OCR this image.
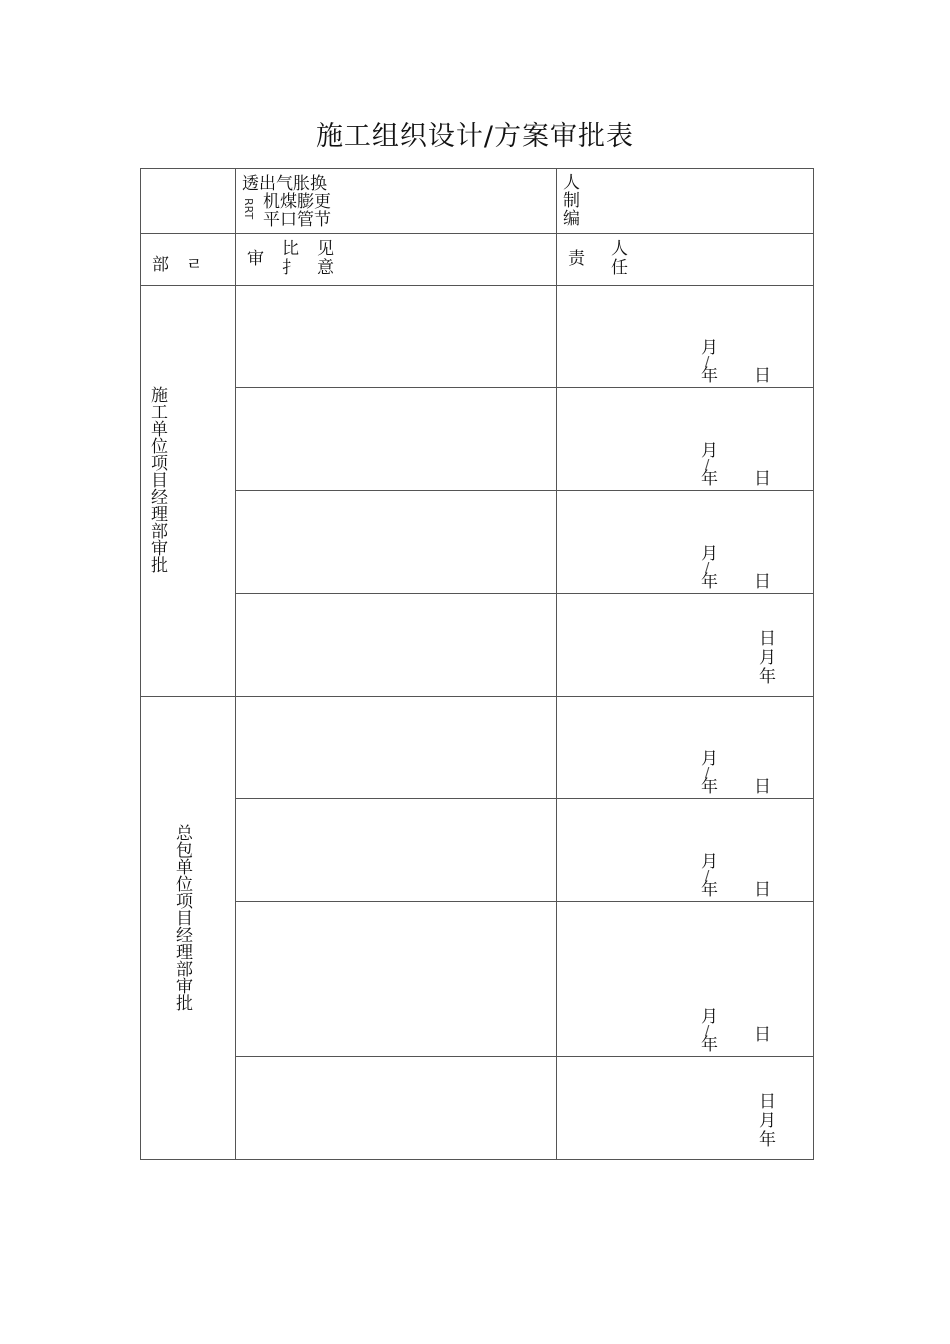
施工组织设计/方案审批表
透出气胀换
RRT 机煤膨更
平口管节
人
制
编
部 ㄹ	审 比
扌
见
意	责 人
任
施工单位项目经理部审批
总包单位项目经理部审批
月
/
年 日
月
/
年 日
月
/
年 日
日
月
年
月
/
年 日
月
/
年 日
月
/
年 日
日
月
年
